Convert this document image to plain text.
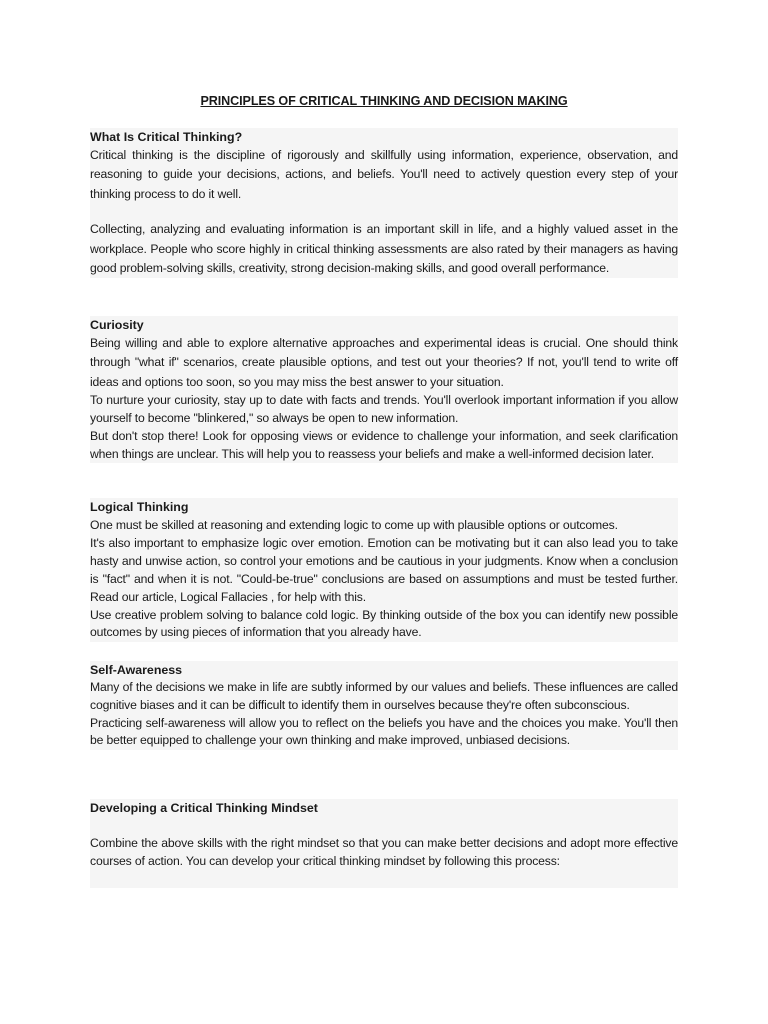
PRINCIPLES OF CRITICAL THINKING AND DECISION MAKING
What Is Critical Thinking?

Critical thinking is the discipline of rigorously and skillfully using information, experience, observation, and reasoning to guide your decisions, actions, and beliefs. You'll need to actively question every step of your thinking process to do it well.

Collecting, analyzing and evaluating information is an important skill in life, and a highly valued asset in the workplace. People who score highly in critical thinking assessments are also rated by their managers as having good problem-solving skills, creativity, strong decision-making skills, and good overall performance.

Curiosity

Being willing and able to explore alternative approaches and experimental ideas is crucial. One should think through "what if" scenarios, create plausible options, and test out your theories? If not, you'll tend to write off ideas and options too soon, so you may miss the best answer to your situation.

To nurture your curiosity, stay up to date with facts and trends. You'll overlook important information if you allow yourself to become "blinkered," so always be open to new information.

But don't stop there! Look for opposing views or evidence to challenge your information, and seek clarification when things are unclear. This will help you to reassess your beliefs and make a well-informed decision later.

Logical Thinking

One must be skilled at reasoning and extending logic to come up with plausible options or outcomes.

It's also important to emphasize logic over emotion. Emotion can be motivating but it can also lead you to take hasty and unwise action, so control your emotions and be cautious in your judgments. Know when a conclusion is "fact" and when it is not. "Could-be-true" conclusions are based on assumptions and must be tested further. Read our article, Logical Fallacies , for help with this.

Use creative problem solving to balance cold logic. By thinking outside of the box you can identify new possible outcomes by using pieces of information that you already have.

Self-Awareness

Many of the decisions we make in life are subtly informed by our values and beliefs. These influences are called cognitive biases and it can be difficult to identify them in ourselves because they're often subconscious.

Practicing self-awareness will allow you to reflect on the beliefs you have and the choices you make. You'll then be better equipped to challenge your own thinking and make improved, unbiased decisions.

Developing a Critical Thinking Mindset

Combine the above skills with the right mindset so that you can make better decisions and adopt more effective courses of action. You can develop your critical thinking mindset by following this process:
